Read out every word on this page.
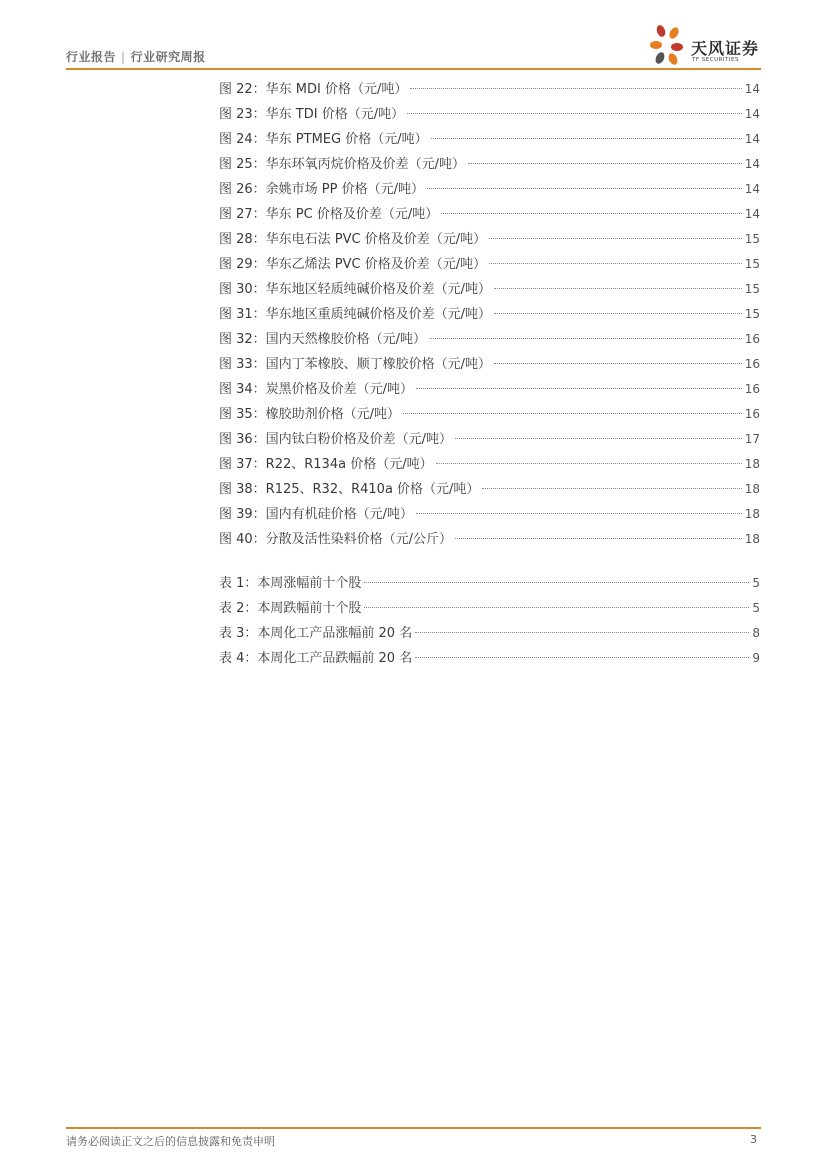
行业报告 | 行业研究周报	天风证券
TF SECURITIES
图 22：华东 MDI 价格（元/吨）	14
图 23：华东 TDI 价格（元/吨）	14
图 24：华东 PTMEG 价格（元/吨）	14
图 25：华东环氧丙烷价格及价差（元/吨）	14
图 26：余姚市场 PP 价格（元/吨）	14
图 27：华东 PC 价格及价差（元/吨）	14
图 28：华东电石法 PVC 价格及价差（元/吨）	15
图 29：华东乙烯法 PVC 价格及价差（元/吨）	15
图 30：华东地区轻质纯碱价格及价差（元/吨）	15
图 31：华东地区重质纯碱价格及价差（元/吨）	15
图 32：国内天然橡胶价格（元/吨）	16
图 33：国内丁苯橡胶、顺丁橡胶价格（元/吨）	16
图 34：炭黑价格及价差（元/吨）	16
图 35：橡胶助剂价格（元/吨）	16
图 36：国内钛白粉价格及价差（元/吨）	17
图 37：R22、R134a 价格（元/吨）	18
图 38：R125、R32、R410a 价格（元/吨）	18
图 39：国内有机硅价格（元/吨）	18
图 40：分散及活性染料价格（元/公斤）	18
表 1：本周涨幅前十个股	5
表 2：本周跌幅前十个股	5
表 3：本周化工产品涨幅前 20 名	8
表 4：本周化工产品跌幅前 20 名	9
请务必阅读正文之后的信息披露和免责申明	3
